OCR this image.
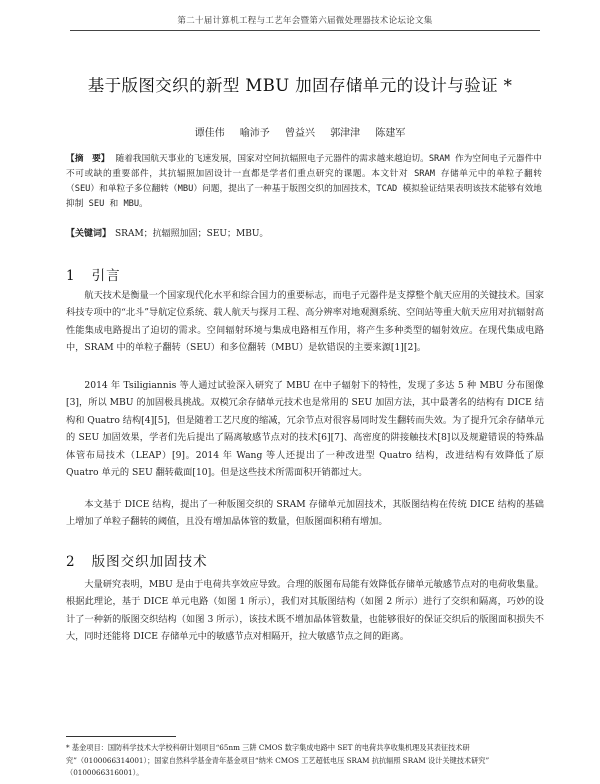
第二十届计算机工程与工艺年会暨第六届微处理器技术论坛论文集
基于版图交织的新型 MBU 加固存储单元的设计与验证 *
谭佳伟 喻沛予 曾益兴 郭津津 陈建军
【摘　要】 随着我国航天事业的飞速发展，国家对空间抗辐照电子元器件的需求越来越迫切。SRAM 作为空间电子元器件中不可或缺的重要部件，其抗辐照加固设计一直都是学者们重点研究的课题。本文针对 SRAM 存储单元中的单粒子翻转（SEU）和单粒子多位翻转（MBU）问题，提出了一种基于版图交织的加固技术，TCAD 模拟验证结果表明该技术能够有效地抑制 SEU 和 MBU。
【关键词】 SRAM；抗辐照加固；SEU；MBU。
1 引言

航天技术是衡量一个国家现代化水平和综合国力的重要标志，而电子元器件是支撑整个航天应用的关键技术。国家科技专项中的“北斗”导航定位系统、载人航天与探月工程、高分辨率对地观测系统、空间站等重大航天应用对抗辐射高性能集成电路提出了迫切的需求。空间辐射环境与集成电路相互作用，将产生多种类型的辐射效应。在现代集成电路中，SRAM 中的单粒子翻转（SEU）和多位翻转（MBU）是软错误的主要来源[1][2]。

2014 年 Tsiligiannis 等人通过试验深入研究了 MBU 在中子辐射下的特性，发现了多达 5 种 MBU 分布图像[3]，所以 MBU 的加固极具挑战。双模冗余存储单元技术也是常用的 SEU 加固方法，其中最著名的结构有 DICE 结构和 Quatro 结构[4][5]，但是随着工艺尺度的缩减，冗余节点对很容易同时发生翻转而失效。为了提升冗余存储单元的 SEU 加固效果，学者们先后提出了隔离敏感节点对的技术[6][7]、高密度的阱接触技术[8]以及规避错误的特殊晶体管布局技术（LEAP）[9]。2014 年 Wang 等人还提出了一种改进型 Quatro 结构，改进结构有效降低了原 Quatro 单元的 SEU 翻转截面[10]。但是这些技术所需面积开销都过大。

本文基于 DICE 结构，提出了一种版图交织的 SRAM 存储单元加固技术，其版图结构在传统 DICE 结构的基础上增加了单粒子翻转的阈值，且没有增加晶体管的数量，但版图面积稍有增加。

2 版图交织加固技术

大量研究表明，MBU 是由于电荷共享效应导致。合理的版图布局能有效降低存储单元敏感节点对的电荷收集量。根据此理论，基于 DICE 单元电路（如图 1 所示），我们对其版图结构（如图 2 所示）进行了交织和隔离，巧妙的设计了一种新的版图交织结构（如图 3 所示），该技术既不增加晶体管数量，也能够很好的保证交织后的版图面积损失不大，同时还能将 DICE 存储单元中的敏感节点对相隔开，拉大敏感节点之间的距离。

* 基金项目：国防科学技术大学校科研计划项目“65nm 三阱 CMOS 数字集成电路中 SET 的电荷共享收集机理及其表征技术研究”（0100066314001）；国家自然科学基金青年基金项目“纳米 CMOS 工艺超低电压 SRAM 抗抗辐照 SRAM 设计关键技术研究”
（0100066316001）。
